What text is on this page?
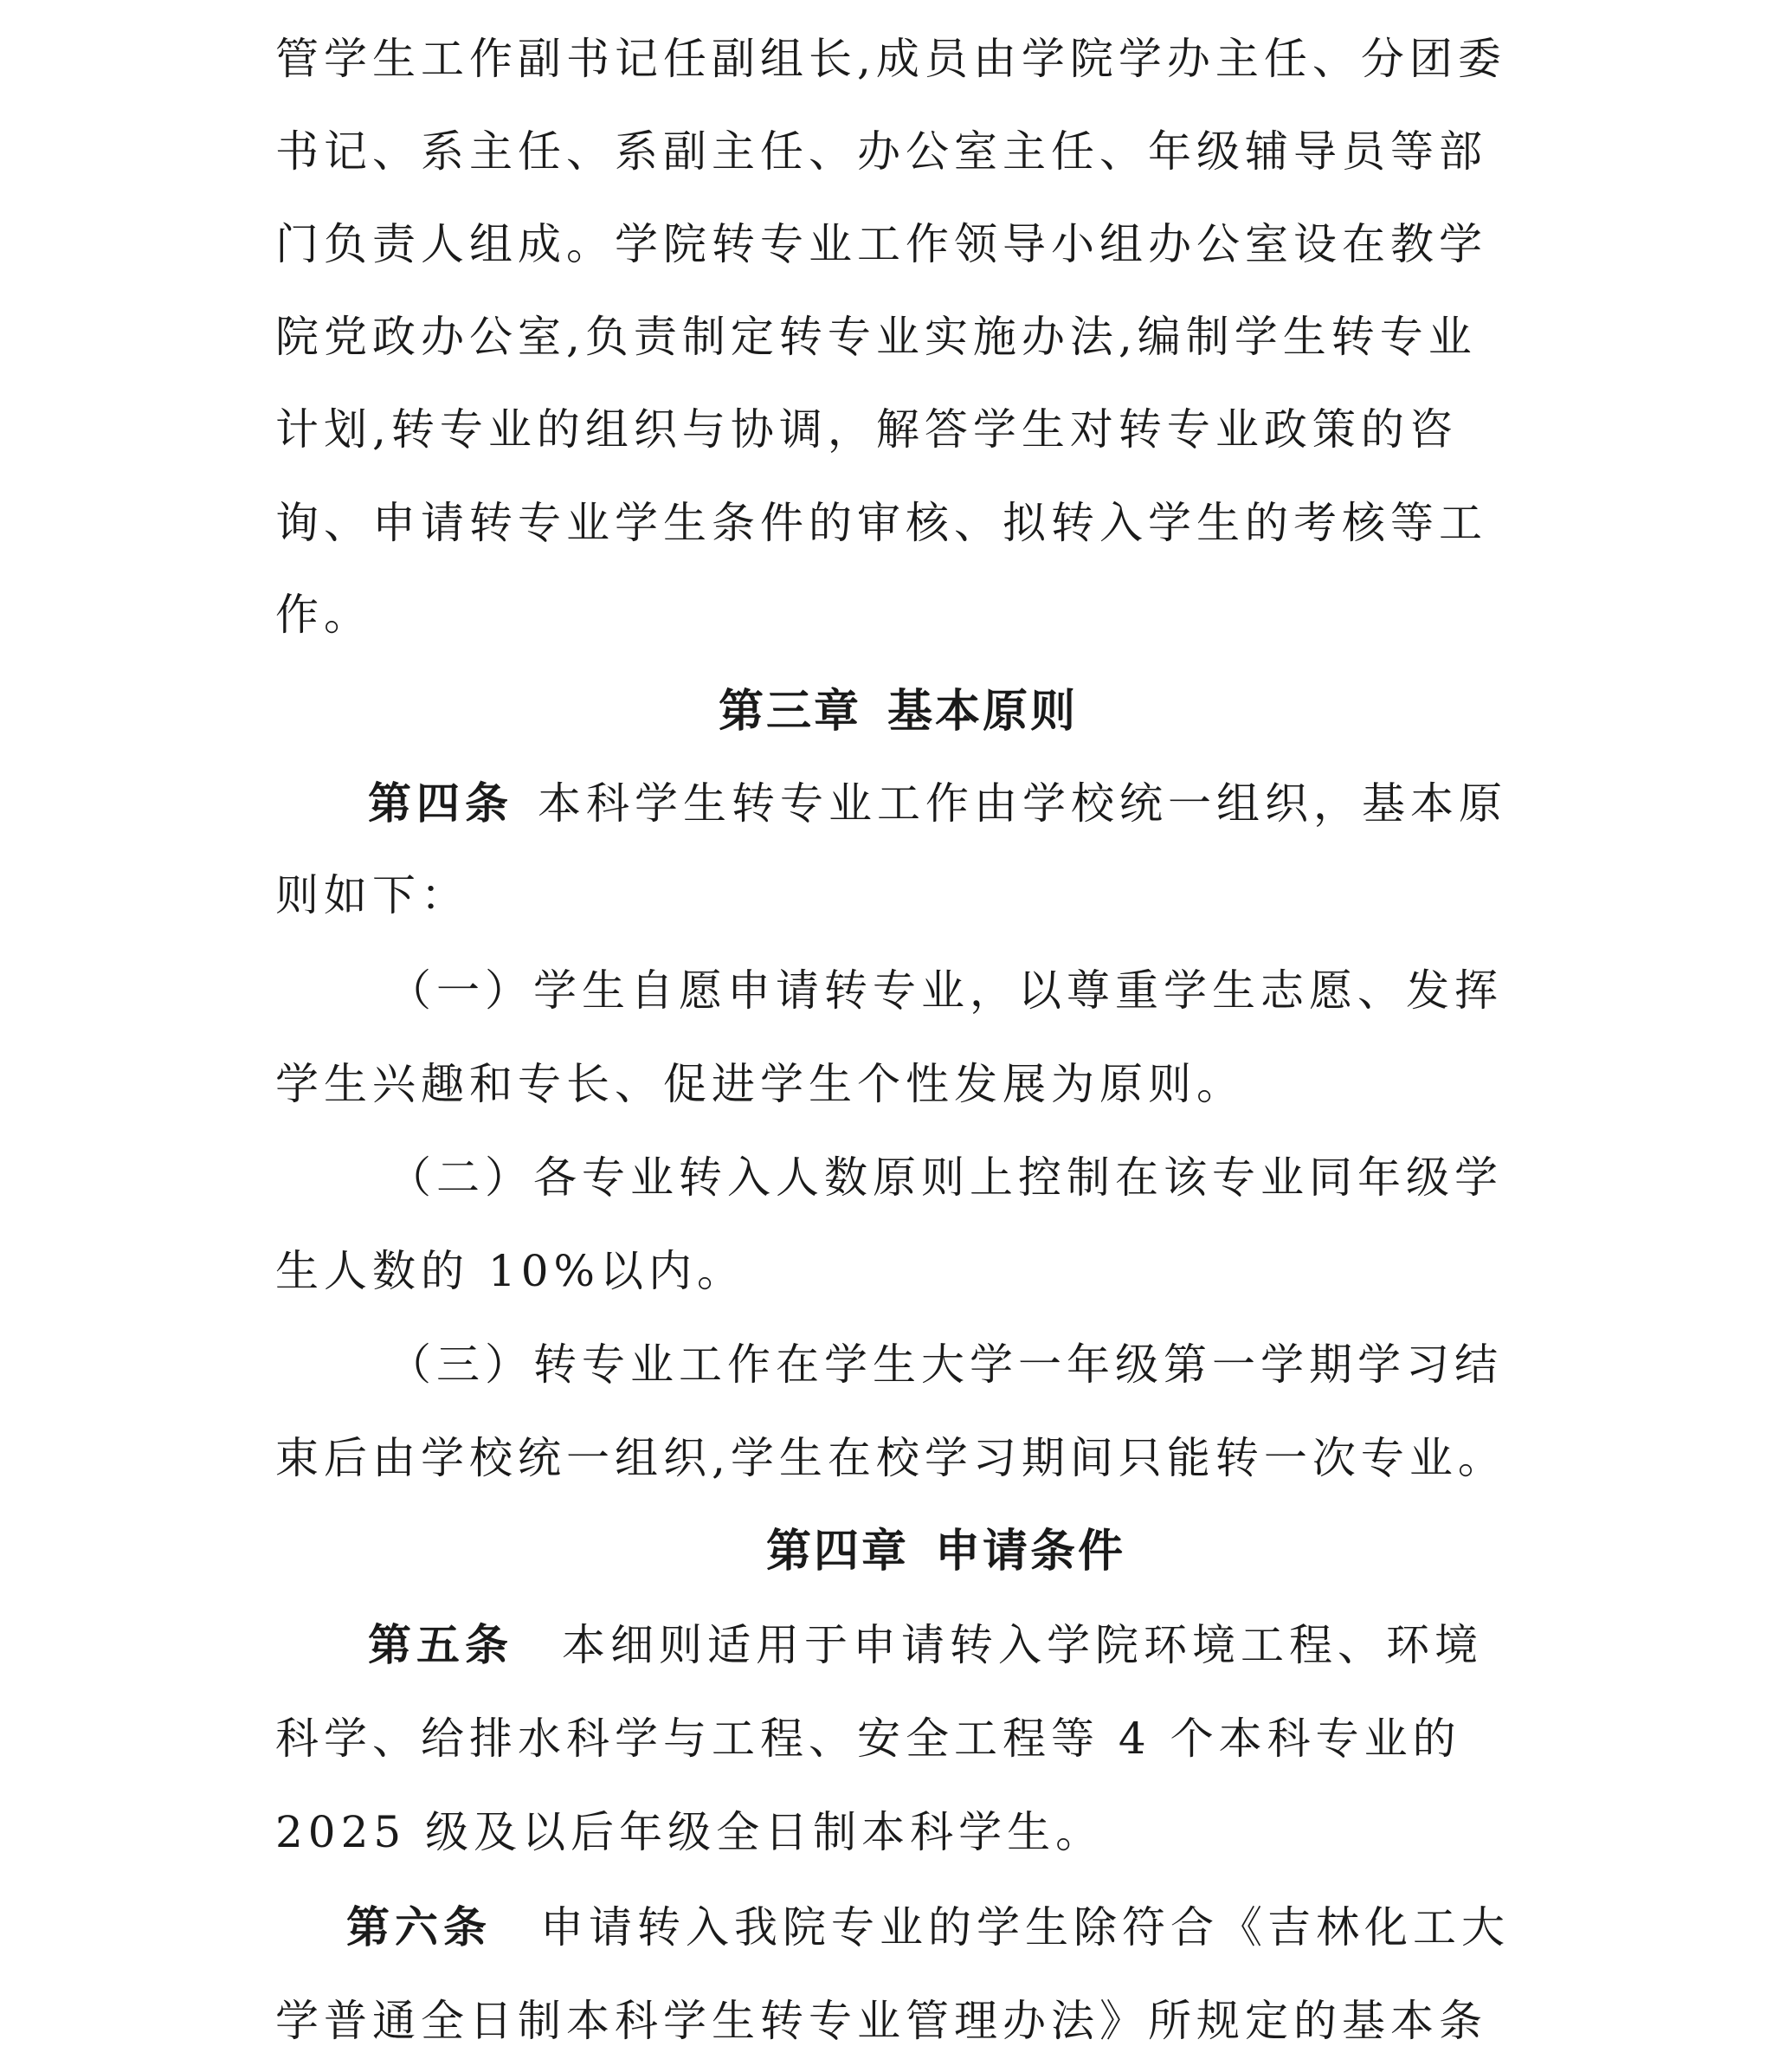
管学生工作副书记任副组长,成员由学院学办主任、分团委
书记、系主任、系副主任、办公室主任、年级辅导员等部
门负责人组成。学院转专业工作领导小组办公室设在教学
院党政办公室,负责制定转专业实施办法,编制学生转专业
计划,转专业的组织与协调，解答学生对转专业政策的咨
询、申请转专业学生条件的审核、拟转入学生的考核等工
作。
第三章 基本原则
第四条 本科学生转专业工作由学校统一组织，基本原
则如下：
（一）学生自愿申请转专业，以尊重学生志愿、发挥
学生兴趣和专长、促进学生个性发展为原则。
（二）各专业转入人数原则上控制在该专业同年级学
生人数的 10%以内。
（三）转专业工作在学生大学一年级第一学期学习结
束后由学校统一组织,学生在校学习期间只能转一次专业。
第四章 申请条件
第五条 本细则适用于申请转入学院环境工程、环境
科学、给排水科学与工程、安全工程等 4 个本科专业的
2025 级及以后年级全日制本科学生。
第六条 申请转入我院专业的学生除符合《吉林化工大
学普通全日制本科学生转专业管理办法》所规定的基本条
